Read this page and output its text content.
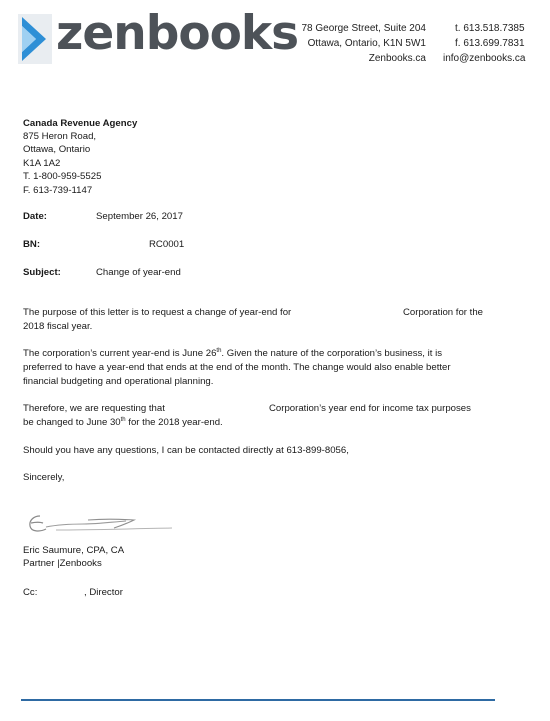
zenbooks 78 George Street, Suite 204
Ottawa, Ontario, K1N 5W1
Zenbooks.ca
t. 613.518.7385
f. 613.699.7831
info@zenbooks.ca
Canada Revenue Agency
875 Heron Road,
Ottawa, Ontario
K1A 1A2
T. 1-800-959-5525
F. 613-739-1147
Date:	September 26, 2017
BN:	RC0001
Subject:	Change of year-end
The purpose of this letter is to request a change of year-end for	Corporation for the

2018 fiscal year.
The corporation’s current year-end is June 26th. Given the nature of the corporation’s business, it is
preferred to have a year-end that ends at the end of the month. The change would also enable better
financial budgeting and operational planning.
Therefore, we are requesting that	Corporation’s year end for income tax purposes

be changed to June 30th for the 2018 year-end.
Should you have any questions, I can be contacted directly at 613-899-8056,
Sincerely,
Eric Saumure, CPA, CA
Partner |Zenbooks
Cc:	, Director
